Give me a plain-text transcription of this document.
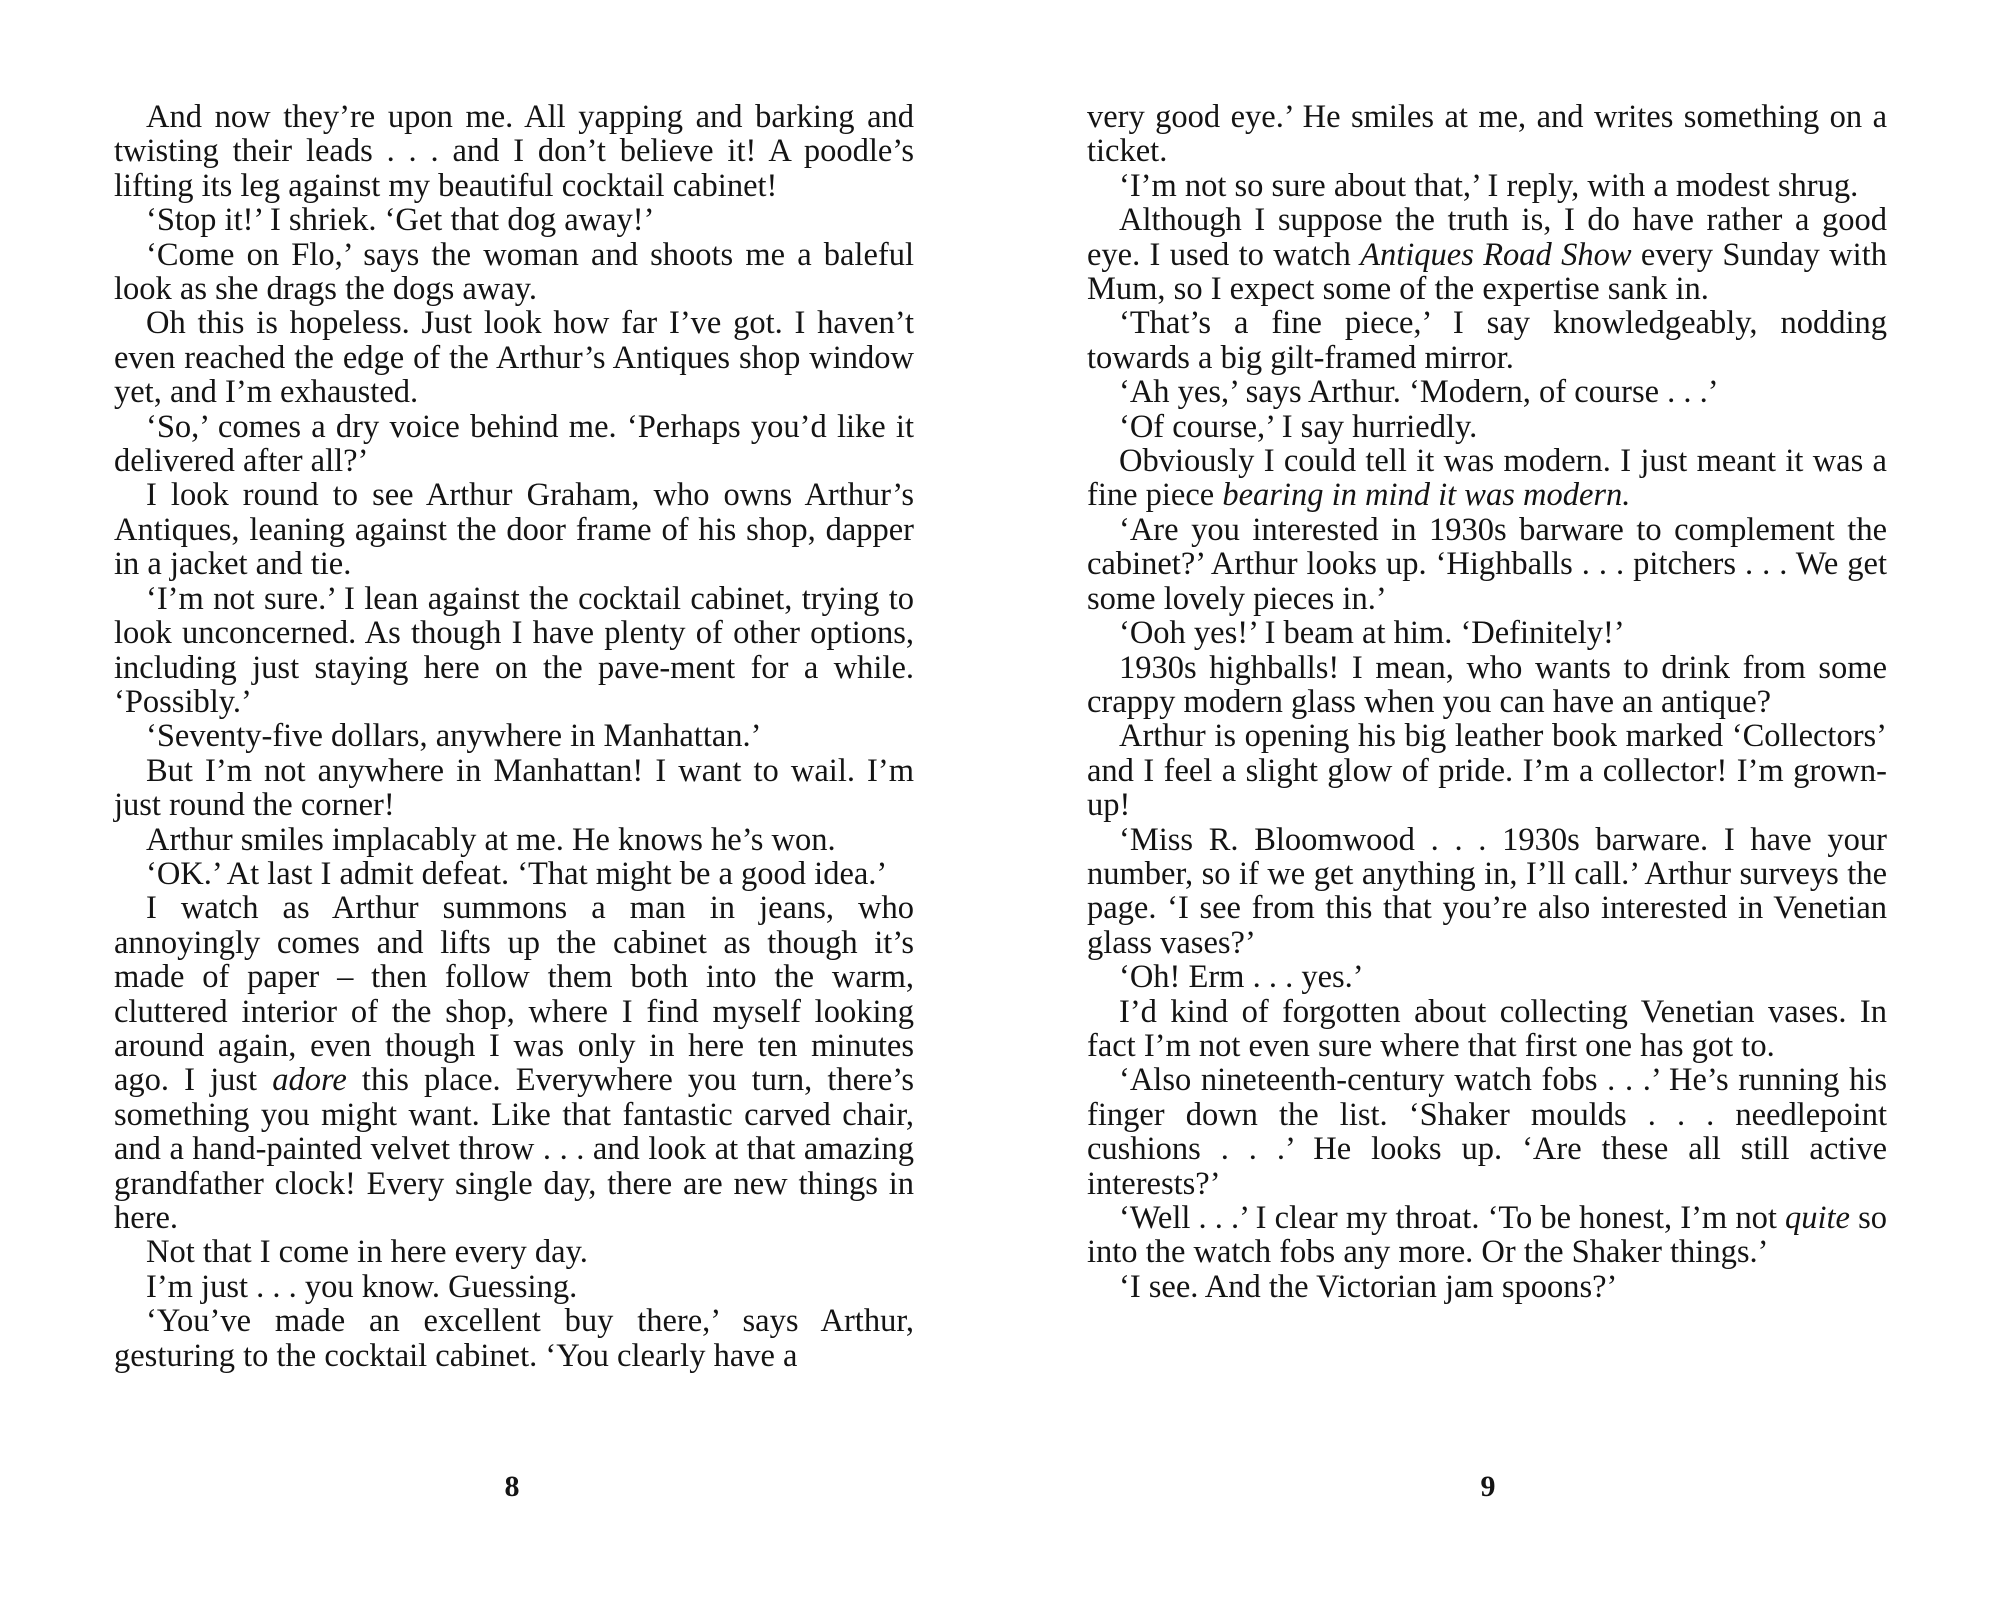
And now they’re upon me. All yapping and barking and twisting their leads . . . and I don’t believe it! A poodle’s lifting its leg against my beautiful cocktail cabinet!

‘Stop it!’ I shriek. ‘Get that dog away!’

‘Come on Flo,’ says the woman and shoots me a baleful look as she drags the dogs away.

Oh this is hopeless. Just look how far I’ve got. I haven’t even reached the edge of the Arthur’s Antiques shop window yet, and I’m exhausted.

‘So,’ comes a dry voice behind me. ‘Perhaps you’d like it delivered after all?’

I look round to see Arthur Graham, who owns Arthur’s Antiques, leaning against the door frame of his shop, dapper in a jacket and tie.

‘I’m not sure.’ I lean against the cocktail cabinet, trying to look unconcerned. As though I have plenty of other options, including just staying here on the pave-ment for a while. ‘Possibly.’

‘Seventy-five dollars, anywhere in Manhattan.’

But I’m not anywhere in Manhattan! I want to wail. I’m just round the corner!

Arthur smiles implacably at me. He knows he’s won.

‘OK.’ At last I admit defeat. ‘That might be a good idea.’

I watch as Arthur summons a man in jeans, who annoyingly comes and lifts up the cabinet as though it’s made of paper – then follow them both into the warm, cluttered interior of the shop, where I find myself looking around again, even though I was only in here ten minutes ago. I just adore this place. Everywhere you turn, there’s something you might want. Like that fantastic carved chair, and a hand-painted velvet throw . . . and look at that amazing grandfather clock! Every single day, there are new things in here.

Not that I come in here every day.

I’m just . . . you know. Guessing.

‘You’ve made an excellent buy there,’ says Arthur, gesturing to the cocktail cabinet. ‘You clearly have a

8

very good eye.’ He smiles at me, and writes something on a ticket.

‘I’m not so sure about that,’ I reply, with a modest shrug.

Although I suppose the truth is, I do have rather a good eye. I used to watch Antiques Road Show every Sunday with Mum, so I expect some of the expertise sank in.

‘That’s a fine piece,’ I say knowledgeably, nodding towards a big gilt-framed mirror.

‘Ah yes,’ says Arthur. ‘Modern, of course . . .’

‘Of course,’ I say hurriedly.

Obviously I could tell it was modern. I just meant it was a fine piece bearing in mind it was modern.

‘Are you interested in 1930s barware to complement the cabinet?’ Arthur looks up. ‘Highballs . . . pitchers . . . We get some lovely pieces in.’

‘Ooh yes!’ I beam at him. ‘Definitely!’

1930s highballs! I mean, who wants to drink from some crappy modern glass when you can have an antique?

Arthur is opening his big leather book marked ‘Collectors’ and I feel a slight glow of pride. I’m a collector! I’m grown-up!

‘Miss R. Bloomwood . . . 1930s barware. I have your number, so if we get anything in, I’ll call.’ Arthur surveys the page. ‘I see from this that you’re also interested in Venetian glass vases?’

‘Oh! Erm . . . yes.’

I’d kind of forgotten about collecting Venetian vases. In fact I’m not even sure where that first one has got to.

‘Also nineteenth-century watch fobs . . .’ He’s running his finger down the list. ‘Shaker moulds . . . needlepoint cushions . . .’ He looks up. ‘Are these all still active interests?’

‘Well . . .’ I clear my throat. ‘To be honest, I’m not quite so into the watch fobs any more. Or the Shaker things.’

‘I see. And the Victorian jam spoons?’

9
